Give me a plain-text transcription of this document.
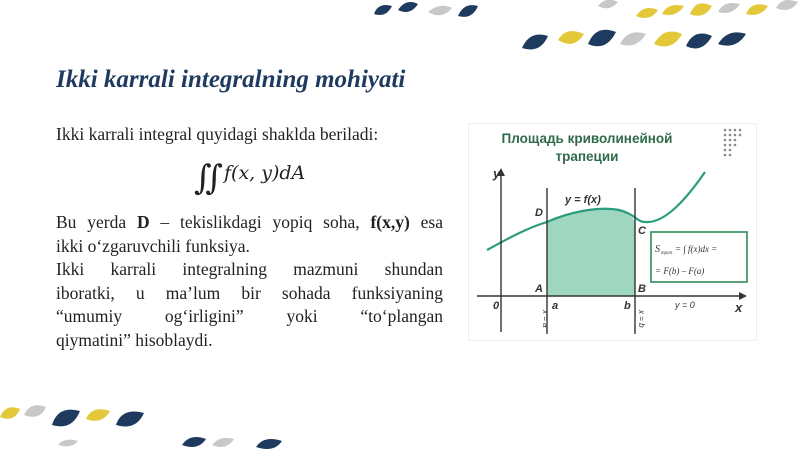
Ikki karrali integralning mohiyati
Ikki karrali integral quyidagi shaklda beriladi:
∬ f(x, y)dA
Bu yerda D – tekislikdagi yopiq soha, f(x,y) esa
ikki o‘zgaruvchili funksiya.
Ikki karrali integralning mazmuni shundan
iboratki, u ma’lum bir sohada funksiyaning
“umumiy og‘irligini” yoki “to‘plangan
qiymatini” hisoblaydi.
Площадь криволинейной
трапеции
y
x
0	a	b
A	B
C
D
y = f(x)
y = 0
x = a	x = b
S трап = ∫ f(x)dx =
= F(b) – F(a)
